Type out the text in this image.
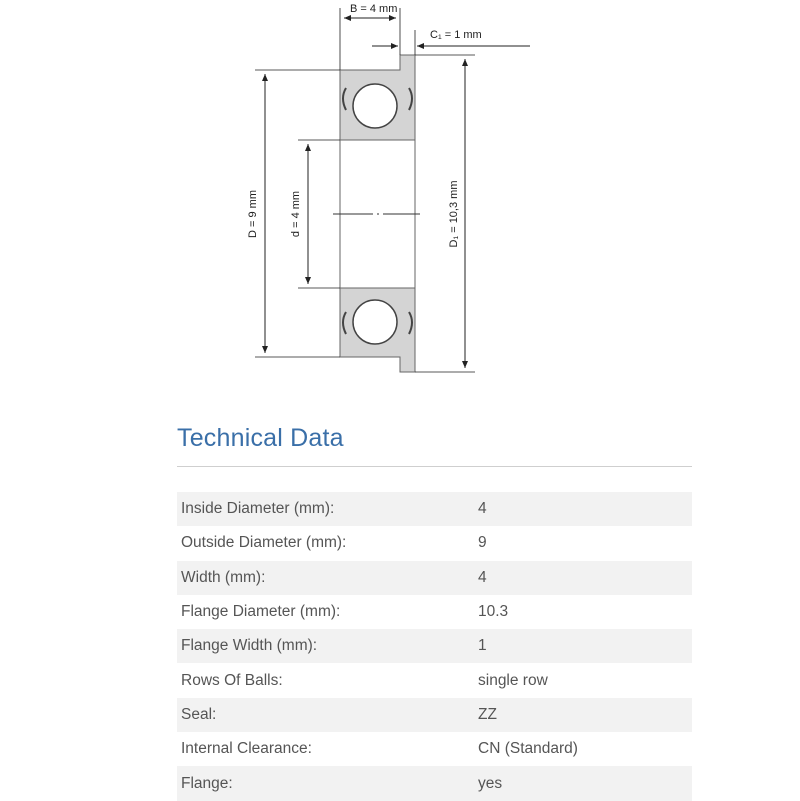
B = 4 mm
C₁ = 1 mm
D = 9 mm	d = 4 mm	D₁ = 10,3 mm
Technical Data
Inside Diameter (mm):	4
Outside Diameter (mm):	9
Width (mm):	4
Flange Diameter (mm):	10.3
Flange Width (mm):	1
Rows Of Balls:	single row
Seal:	ZZ
Internal Clearance:	CN (Standard)
Flange:	yes
